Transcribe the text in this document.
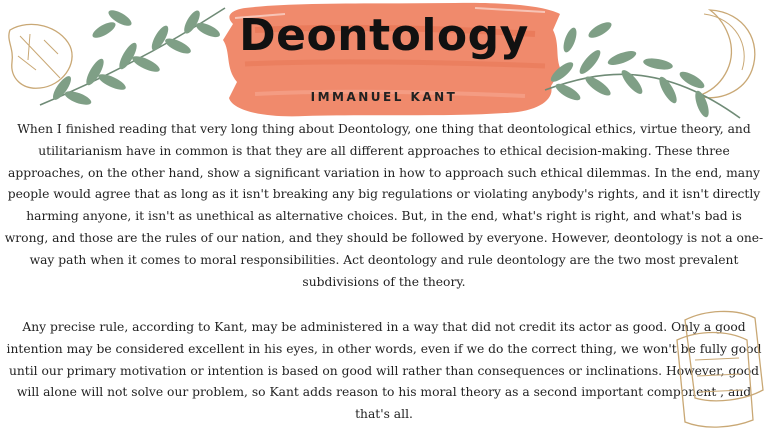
Deontology
IMMANUEL KANT

When I finished reading that very long thing about Deontology, one thing that deontological ethics, virtue theory, and utilitarianism have in common is that they are all different approaches to ethical decision-making. These three approaches, on the other hand, show a significant variation in how to approach such ethical dilemmas. In the end, many people would agree that as long as it isn't breaking any big regulations or violating anybody's rights, and it isn't directly harming anyone, it isn't as unethical as alternative choices. But, in the end, what's right is right, and what's bad is wrong, and those are the rules of our nation, and they should be followed by everyone. However, deontology is not a one-way path when it comes to moral responsibilities. Act deontology and rule deontology are the two most prevalent subdivisions of the theory.

Any precise rule, according to Kant, may be administered in a way that did not credit its actor as good. Only a good intention may be considered excellent in his eyes, in other words, even if we do the correct thing, we won't be fully good until our primary motivation or intention is based on good will rather than consequences or inclinations. However, good will alone will not solve our problem, so Kant adds reason to his moral theory as a second important component , and that's all.
